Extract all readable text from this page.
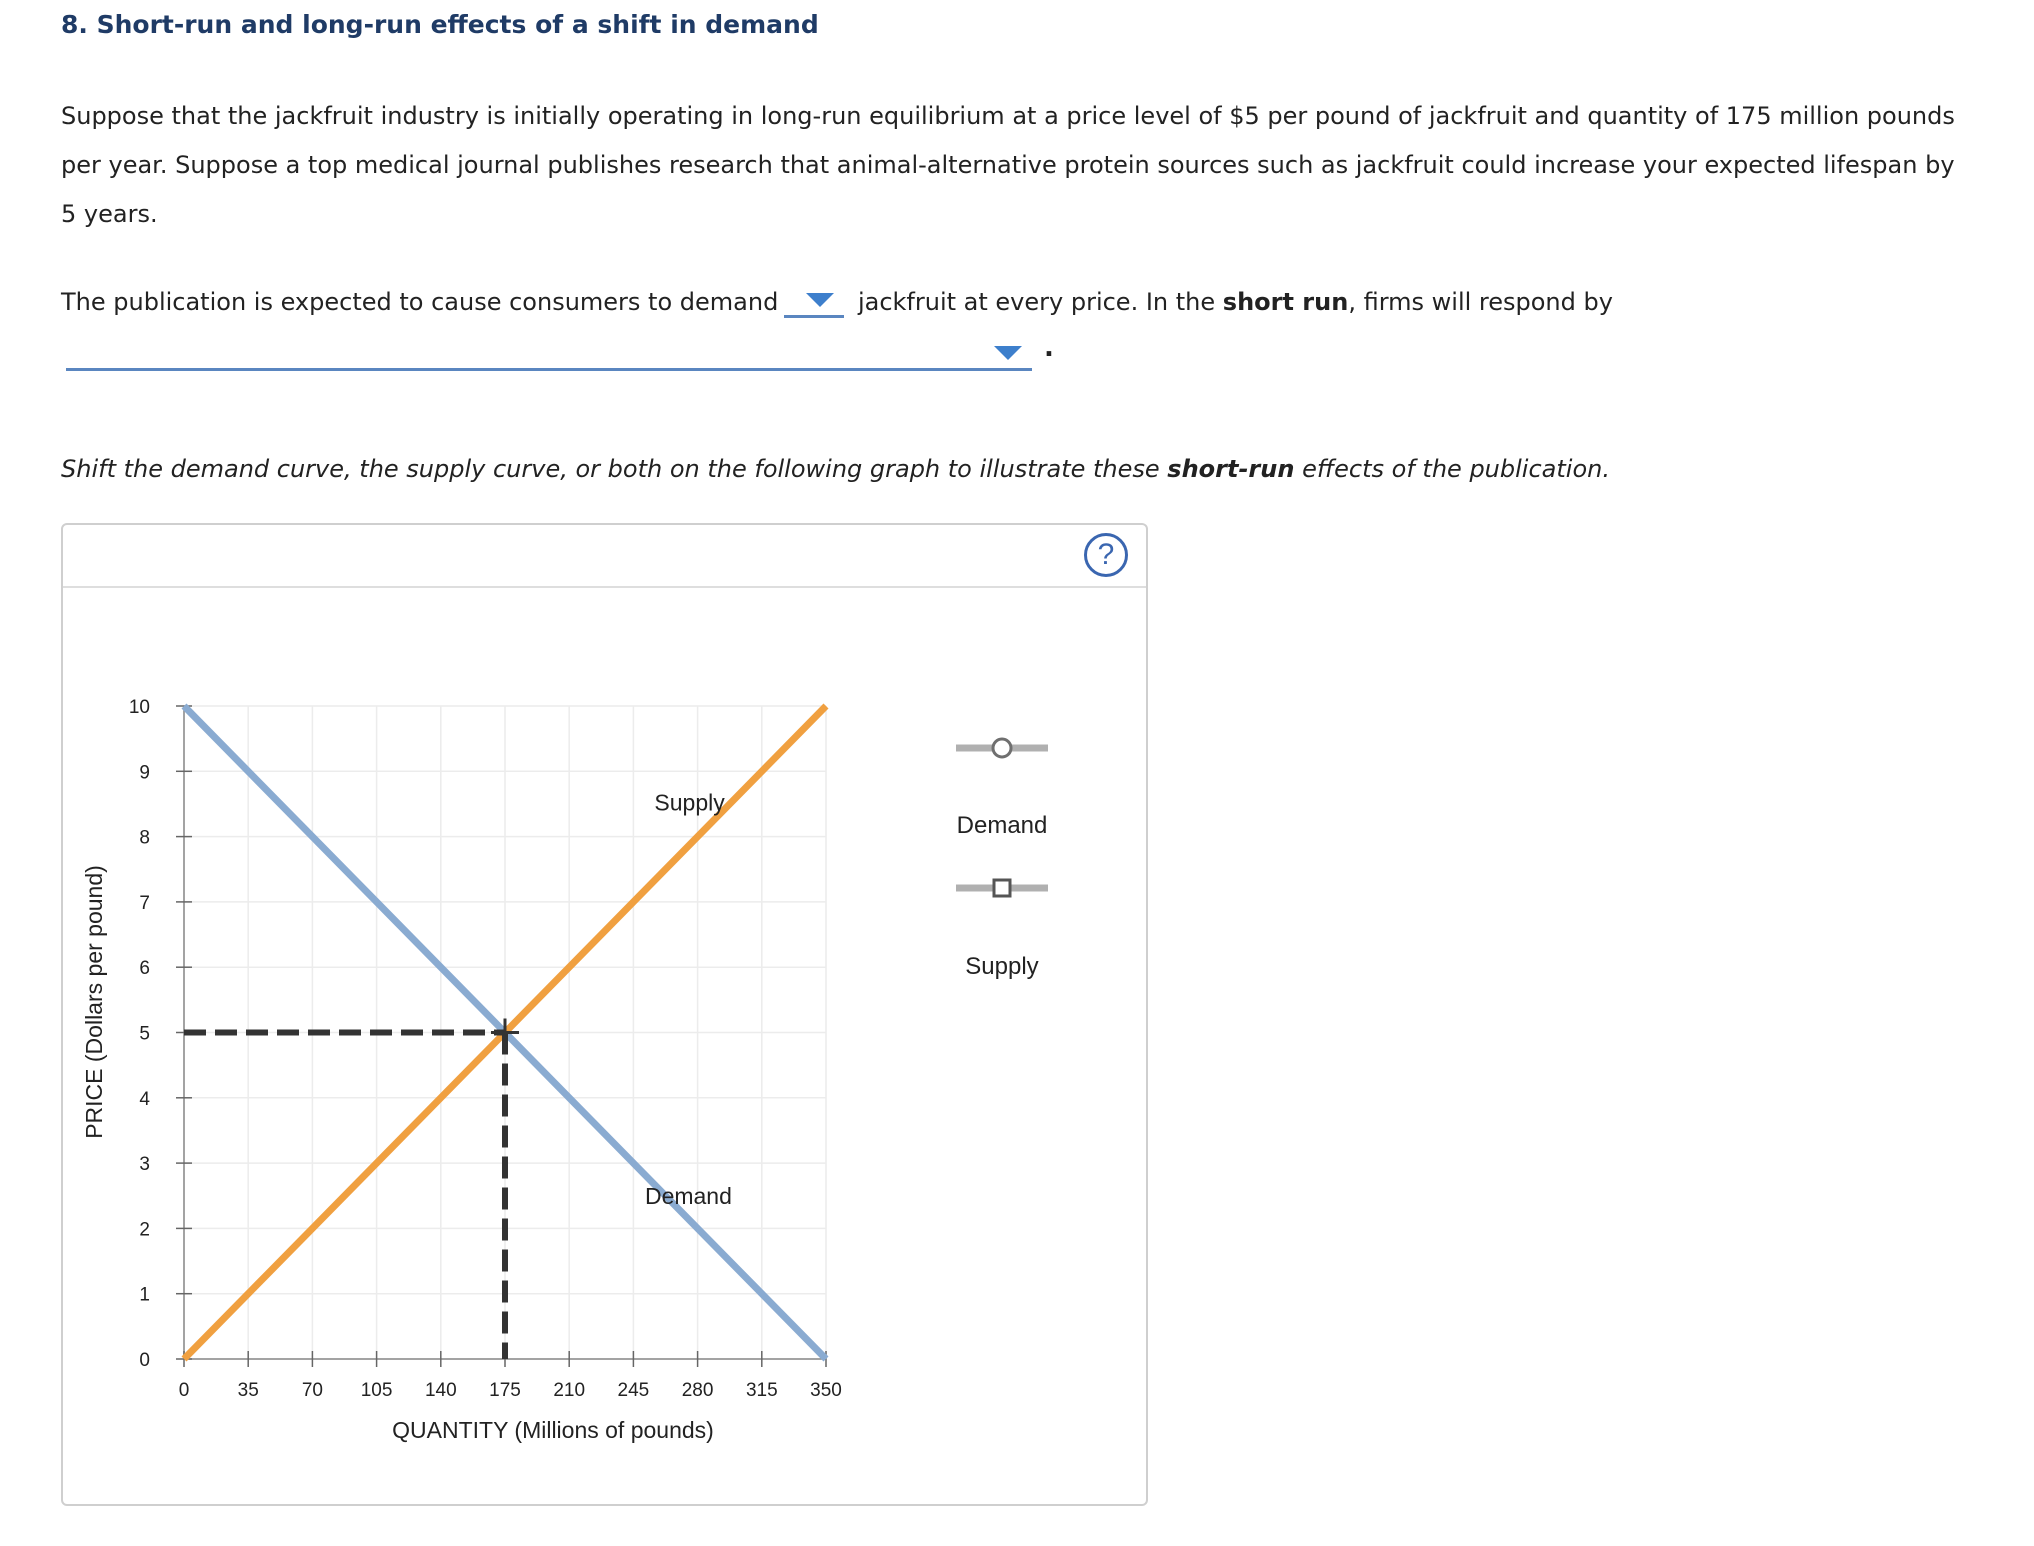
8. Short-run and long-run effects of a shift in demand
Suppose that the jackfruit industry is initially operating in long-run equilibrium at a price level of $5 per pound of jackfruit and quantity of 175 million pounds per year. Suppose a top medical journal publishes research that animal-alternative protein sources such as jackfruit could increase your expected lifespan by 5 years.
The publication is expected to cause consumers to demand	jackfruit at every price. In the short run, firms will respond by
.
Shift the demand curve, the supply curve, or both on the following graph to illustrate these short-run effects of the publication.
?
0	35 70 105 140 175 210 245 280 315 350
0
1
2
3
4
5
6
7
8
9
10
Supply
Demand
QUANTITY (Millions of pounds)
PRICE (Dollars per pound)
Demand
Supply
